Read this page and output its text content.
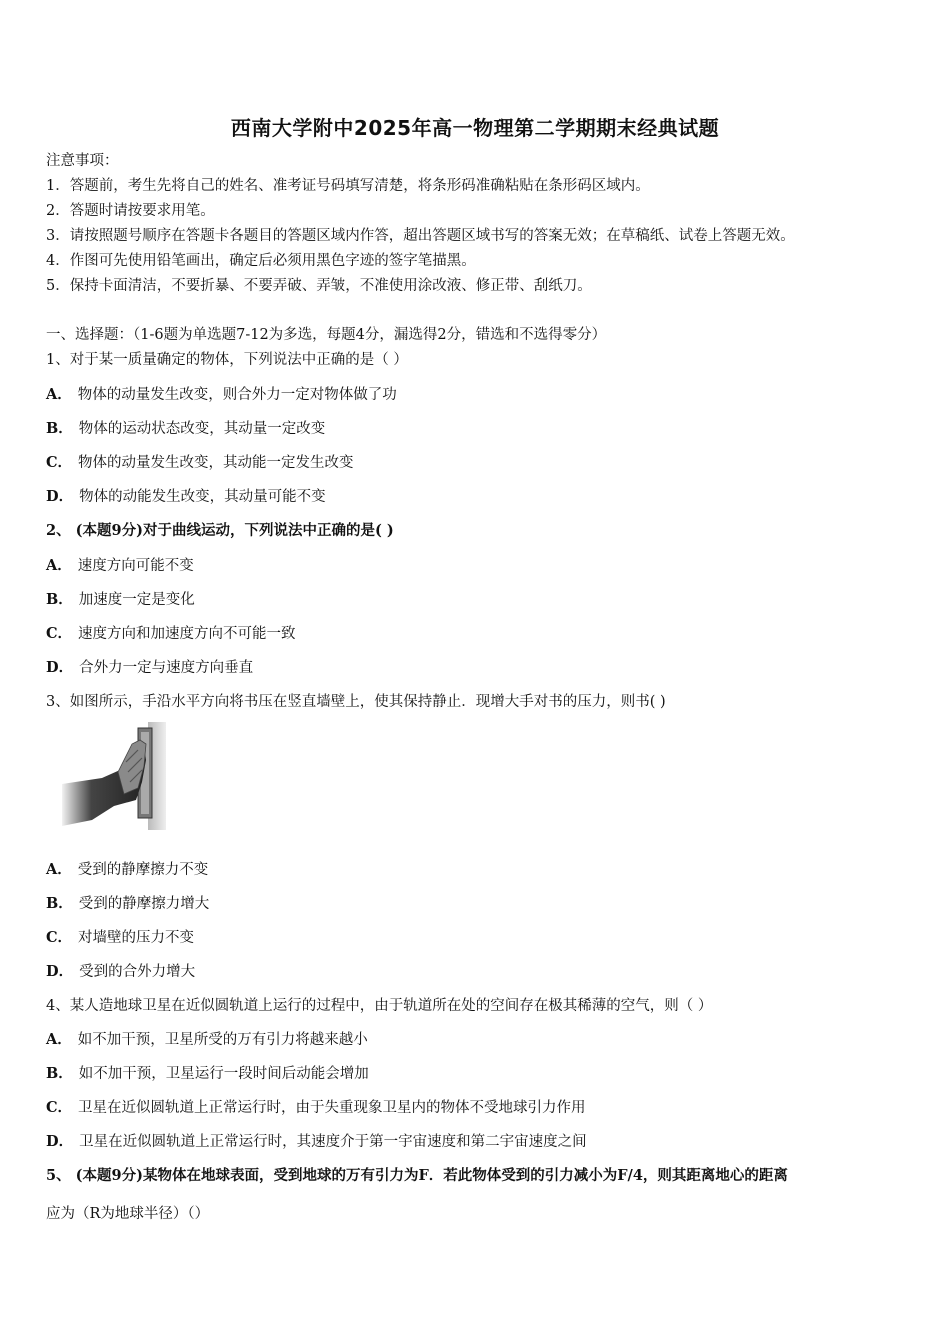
西南大学附中2025年高一物理第二学期期末经典试题
注意事项：
1．答题前，考生先将自己的姓名、准考证号码填写清楚，将条形码准确粘贴在条形码区域内。
2．答题时请按要求用笔。
3．请按照题号顺序在答题卡各题目的答题区域内作答，超出答题区域书写的答案无效；在草稿纸、试卷上答题无效。
4．作图可先使用铅笔画出，确定后必须用黑色字迹的签字笔描黑。
5．保持卡面清洁，不要折暴、不要弄破、弄皱，不准使用涂改液、修正带、刮纸刀。
一、选择题：（1-6题为单选题7-12为多选，每题4分，漏选得2分，错选和不选得零分）
1、对于某一质量确定的物体，下列说法中正确的是（ ）
A． 物体的动量发生改变，则合外力一定对物体做了功
B． 物体的运动状态改变，其动量一定改变
C． 物体的动量发生改变，其动能一定发生改变
D． 物体的动能发生改变，其动量可能不变
2、 (本题9分)对于曲线运动，下列说法中正确的是( )
A． 速度方向可能不变
B． 加速度一定是变化
C． 速度方向和加速度方向不可能一致
D． 合外力一定与速度方向垂直
3、如图所示，手沿水平方向将书压在竖直墙壁上，使其保持静止．现增大手对书的压力，则书( )
A． 受到的静摩擦力不变
B． 受到的静摩擦力增大
C． 对墙壁的压力不变
D． 受到的合外力增大
4、某人造地球卫星在近似圆轨道上运行的过程中，由于轨道所在处的空间存在极其稀薄的空气，则（ ）
A． 如不加干预，卫星所受的万有引力将越来越小
B． 如不加干预，卫星运行一段时间后动能会增加
C． 卫星在近似圆轨道上正常运行时，由于失重现象卫星内的物体不受地球引力作用
D． 卫星在近似圆轨道上正常运行时，其速度介于第一宇宙速度和第二宇宙速度之间
5、 (本题9分)某物体在地球表面，受到地球的万有引力为F．若此物体受到的引力减小为F/4，则其距离地心的距离
应为（R为地球半径）（）
